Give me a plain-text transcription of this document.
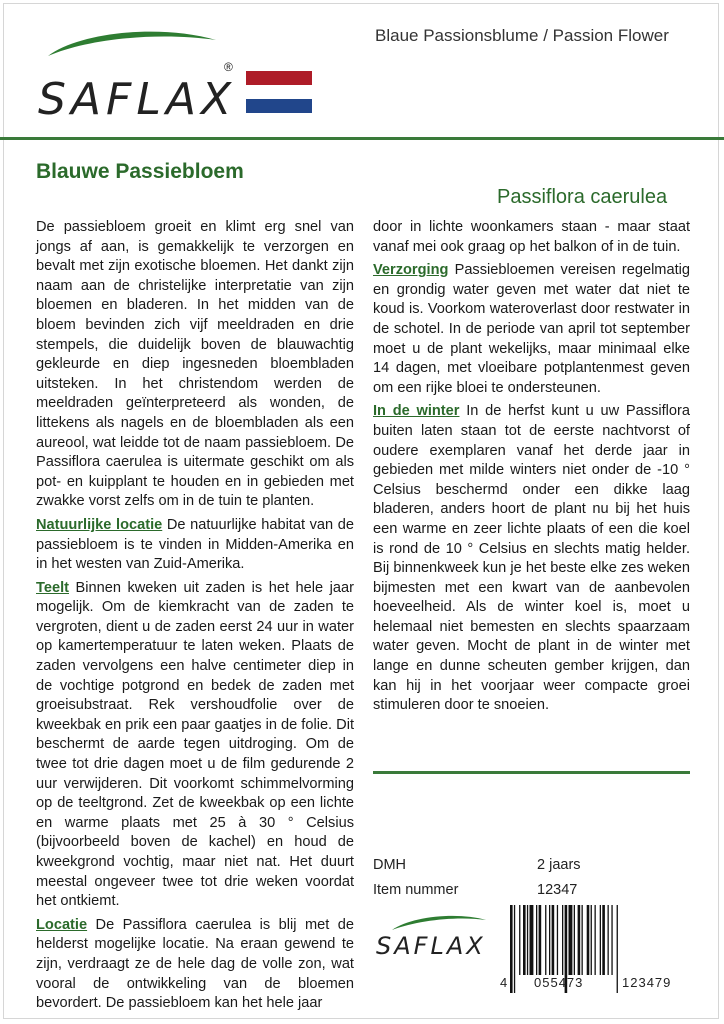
SAFLAX
®
Blaue Passionsblume / Passion Flower
Blauwe Passiebloem
Passiflora caerulea

De passiebloem groeit en klimt erg snel van jongs af aan, is gemakkelijk te verzorgen en bevalt met zijn exotische bloemen. Het dankt zijn naam aan de christelijke interpretatie van zijn bloemen en bladeren. In het midden van de bloem bevinden zich vijf meeldraden en drie stempels, die duidelijk boven de blauwachtig gekleurde en diep ingesneden bloembladen uitsteken. In het christendom werden de meeldraden geïnterpreteerd als wonden, de littekens als nagels en de bloembladen als een aureool, wat leidde tot de naam passiebloem. De Passiflora caerulea is uitermate geschikt om als pot- en kuipplant te houden en in gebieden met zwakke vorst zelfs om in de tuin te planten.

Natuurlijke locatie De natuurlijke habitat van de passiebloem is te vinden in Midden-Amerika en in het westen van Zuid-Amerika.

Teelt Binnen kweken uit zaden is het hele jaar mogelijk. Om de kiemkracht van de zaden te vergroten, dient u de zaden eerst 24 uur in water op kamertemperatuur te laten weken. Plaats de zaden vervolgens een halve centimeter diep in de vochtige potgrond en bedek de zaden met groeisubstraat. Rek vershoudfolie over de kweekbak en prik een paar gaatjes in de folie. Dit beschermt de aarde tegen uitdroging. Om de twee tot drie dagen moet u de film gedurende 2 uur verwijderen. Dit voorkomt schimmelvorming op de teeltgrond. Zet de kweekbak op een lichte en warme plaats met 25 à 30 ° Celsius (bijvoorbeeld boven de kachel) en houd de kweekgrond vochtig, maar niet nat. Het duurt meestal ongeveer twee tot drie weken voordat het ontkiemt.

Locatie De Passiflora caerulea is blij met de helderst mogelijke locatie. Na eraan gewend te zijn, verdraagt ze de hele dag de volle zon, wat vooral de ontwikkeling van de bloemen bevordert. De passiebloem kan het hele jaar

door in lichte woonkamers staan - maar staat vanaf mei ook graag op het balkon of in de tuin.

Verzorging Passiebloemen vereisen regelmatig en grondig water geven met water dat niet te koud is. Voorkom wateroverlast door restwater in de schotel. In de periode van april tot september moet u de plant wekelijks, maar minimaal elke 14 dagen, met vloeibare potplantenmest geven om een rijke bloei te ondersteunen.

In de winter In de herfst kunt u uw Passiflora buiten laten staan tot de eerste nachtvorst of oudere exemplaren vanaf het derde jaar in gebieden met milde winters niet onder de -10 ° Celsius beschermd onder een dikke laag bladeren, anders hoort de plant nu bij het huis een warme en zeer lichte plaats of een die koel is rond de 10 ° Celsius en slechts matig helder. Bij binnenkweek kun je het beste elke zes weken bijmesten met een kwart van de aanbevolen hoeveelheid. Als de winter koel is, moet u helemaal niet bemesten en slechts spaarzaam water geven. Mocht de plant in de winter met lange en dunne scheuten gember krijgen, dan kan hij in het voorjaar weer compacte groei stimuleren door te snoeien.

DMH	2 jaars
Item nummer	12347
SAFLAX
4 055473	123479
